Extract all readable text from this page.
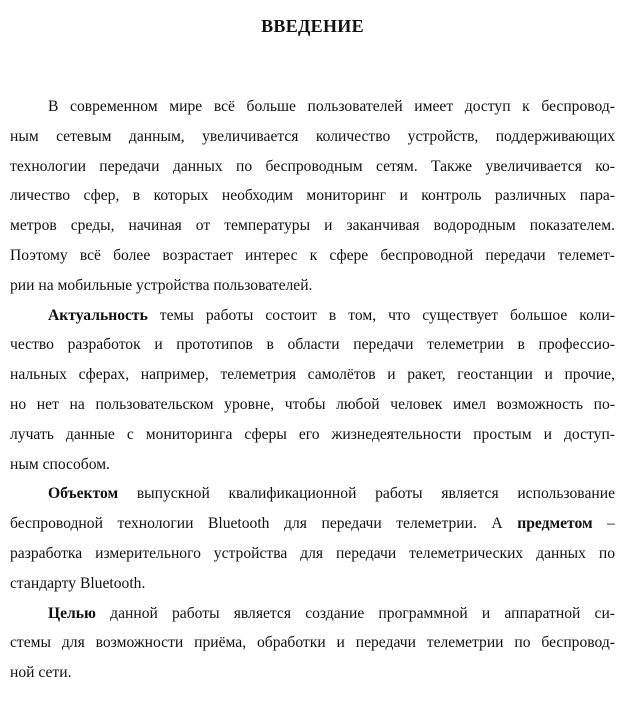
ВВЕДЕНИЕ
В современном мире всё больше пользователей имеет доступ к беспровод-
ным сетевым данным, увеличивается количество устройств, поддерживающих
технологии передачи данных по беспроводным сетям. Также увеличивается ко-
личество сфер, в которых необходим мониторинг и контроль различных пара-
метров среды, начиная от температуры и заканчивая водородным показателем.
Поэтому всё более возрастает интерес к сфере беспроводной передачи телемет-
рии на мобильные устройства пользователей.
Актуальность темы работы состоит в том, что существует большое коли-
чество разработок и прототипов в области передачи телеметрии в профессио-
нальных сферах, например, телеметрия самолётов и ракет, геостанции и прочие,
но нет на пользовательском уровне, чтобы любой человек имел возможность по-
лучать данные с мониторинга сферы его жизнедеятельности простым и доступ-
ным способом.
Объектом выпускной квалификационной работы является использование
беспроводной технологии Bluetooth для передачи телеметрии. А предметом –
разработка измерительного устройства для передачи телеметрических данных по
стандарту Bluetooth.
Целью данной работы является создание программной и аппаратной си-
стемы для возможности приёма, обработки и передачи телеметрии по беспровод-
ной сети.
